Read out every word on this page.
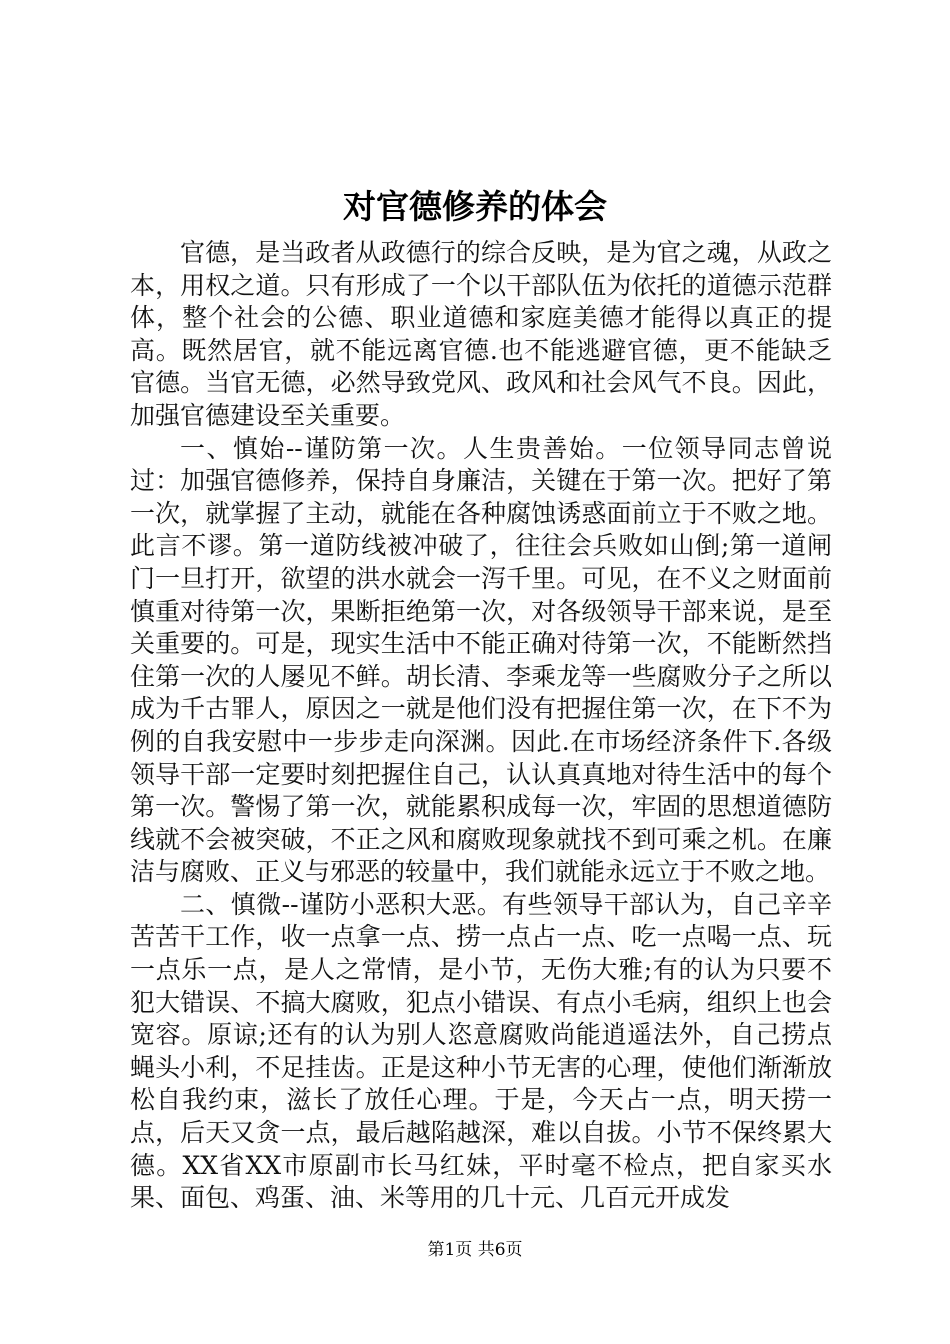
对官德修养的体会

官德，是当政者从政德行的综合反映，是为官之魂，从政之本，用权之道。只有形成了一个以干部队伍为依托的道德示范群体，整个社会的公德、职业道德和家庭美德才能得以真正的提高。既然居官，就不能远离官德.也不能逃避官德，更不能缺乏官德。当官无德，必然导致党风、政风和社会风气不良。因此，加强官德建设至关重要。

一、慎始--谨防第一次。人生贵善始。一位领导同志曾说过：加强官德修养，保持自身廉洁，关键在于第一次。把好了第一次，就掌握了主动，就能在各种腐蚀诱惑面前立于不败之地。此言不谬。第一道防线被冲破了，往往会兵败如山倒;第一道闸门一旦打开，欲望的洪水就会一泻千里。可见，在不义之财面前慎重对待第一次，果断拒绝第一次，对各级领导干部来说，是至关重要的。可是，现实生活中不能正确对待第一次，不能断然挡住第一次的人屡见不鲜。胡长清、李乘龙等一些腐败分子之所以成为千古罪人，原因之一就是他们没有把握住第一次，在下不为例的自我安慰中一步步走向深渊。因此.在市场经济条件下.各级领导干部一定要时刻把握住自己，认认真真地对待生活中的每个第一次。警惕了第一次，就能累积成每一次，牢固的思想道德防线就不会被突破，不正之风和腐败现象就找不到可乘之机。在廉洁与腐败、正义与邪恶的较量中，我们就能永远立于不败之地。

二、慎微--谨防小恶积大恶。有些领导干部认为，自己辛辛苦苦干工作，收一点拿一点、捞一点占一点、吃一点喝一点、玩一点乐一点，是人之常情，是小节，无伤大雅;有的认为只要不犯大错误、不搞大腐败，犯点小错误、有点小毛病，组织上也会宽容。原谅;还有的认为别人恣意腐败尚能逍遥法外，自己捞点蝇头小利，不足挂齿。正是这种小节无害的心理，使他们渐渐放松自我约束，滋长了放任心理。于是，今天占一点，明天捞一点，后天又贪一点，最后越陷越深，难以自拔。小节不保终累大德。XX省XX市原副市长马红妹，平时毫不检点，把自家买水果、面包、鸡蛋、油、米等用的几十元、几百元开成发

第1页 共6页
